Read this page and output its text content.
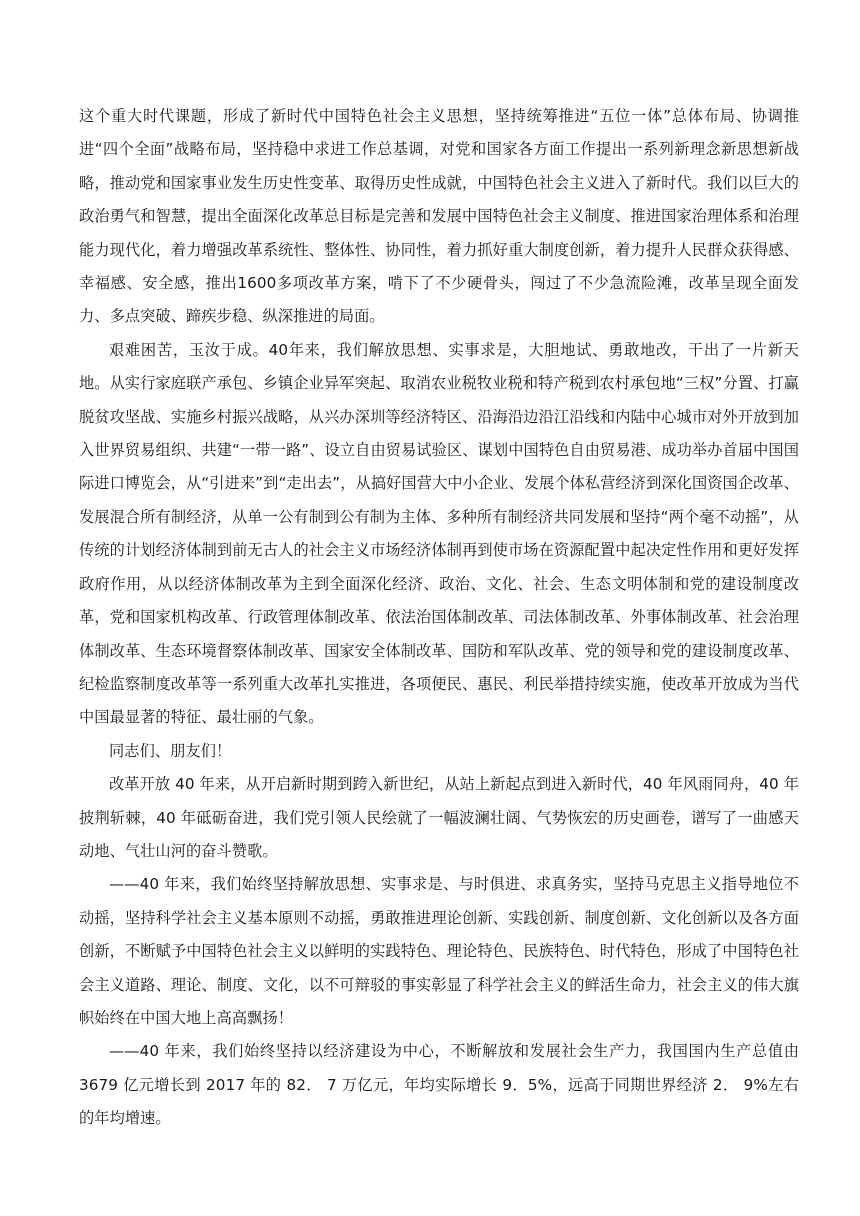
这个重大时代课题，形成了新时代中国特色社会主义思想，坚持统筹推进“五位一体”总体布局、协调推进“四个全面”战略布局，坚持稳中求进工作总基调，对党和国家各方面工作提出一系列新理念新思想新战略，推动党和国家事业发生历史性变革、取得历史性成就，中国特色社会主义进入了新时代。我们以巨大的政治勇气和智慧，提出全面深化改革总目标是完善和发展中国特色社会主义制度、推进国家治理体系和治理能力现代化，着力增强改革系统性、整体性、协同性，着力抓好重大制度创新，着力提升人民群众获得感、幸福感、安全感，推出1600多项改革方案，啃下了不少硬骨头，闯过了不少急流险滩，改革呈现全面发力、多点突破、蹄疾步稳、纵深推进的局面。

艰难困苦，玉汝于成。40年来，我们解放思想、实事求是，大胆地试、勇敢地改，干出了一片新天地。从实行家庭联产承包、乡镇企业异军突起、取消农业税牧业税和特产税到农村承包地“三权”分置、打赢脱贫攻坚战、实施乡村振兴战略，从兴办深圳等经济特区、沿海沿边沿江沿线和内陆中心城市对外开放到加入世界贸易组织、共建“一带一路”、设立自由贸易试验区、谋划中国特色自由贸易港、成功举办首届中国国际进口博览会，从“引进来”到“走出去”，从搞好国营大中小企业、发展个体私营经济到深化国资国企改革、发展混合所有制经济，从单一公有制到公有制为主体、多种所有制经济共同发展和坚持“两个毫不动摇”，从传统的计划经济体制到前无古人的社会主义市场经济体制再到使市场在资源配置中起决定性作用和更好发挥政府作用，从以经济体制改革为主到全面深化经济、政治、文化、社会、生态文明体制和党的建设制度改革，党和国家机构改革、行政管理体制改革、依法治国体制改革、司法体制改革、外事体制改革、社会治理体制改革、生态环境督察体制改革、国家安全体制改革、国防和军队改革、党的领导和党的建设制度改革、纪检监察制度改革等一系列重大改革扎实推进，各项便民、惠民、利民举措持续实施，使改革开放成为当代中国最显著的特征、最壮丽的气象。

同志们、朋友们！

改革开放 40 年来，从开启新时期到跨入新世纪，从站上新起点到进入新时代，40 年风雨同舟，40 年披荆斩棘，40 年砥砺奋进，我们党引领人民绘就了一幅波澜壮阔、气势恢宏的历史画卷，谱写了一曲感天动地、气壮山河的奋斗赞歌。

——40 年来，我们始终坚持解放思想、实事求是、与时俱进、求真务实，坚持马克思主义指导地位不动摇，坚持科学社会主义基本原则不动摇，勇敢推进理论创新、实践创新、制度创新、文化创新以及各方面创新，不断赋予中国特色社会主义以鲜明的实践特色、理论特色、民族特色、时代特色，形成了中国特色社会主义道路、理论、制度、文化，以不可辩驳的事实彰显了科学社会主义的鲜活生命力，社会主义的伟大旗帜始终在中国大地上高高飘扬！

——40 年来，我们始终坚持以经济建设为中心，不断解放和发展社会生产力，我国国内生产总值由 3679 亿元增长到 2017 年的 82． 7 万亿元，年均实际增长 9．5%，远高于同期世界经济 2． 9%左右的年均增速。
